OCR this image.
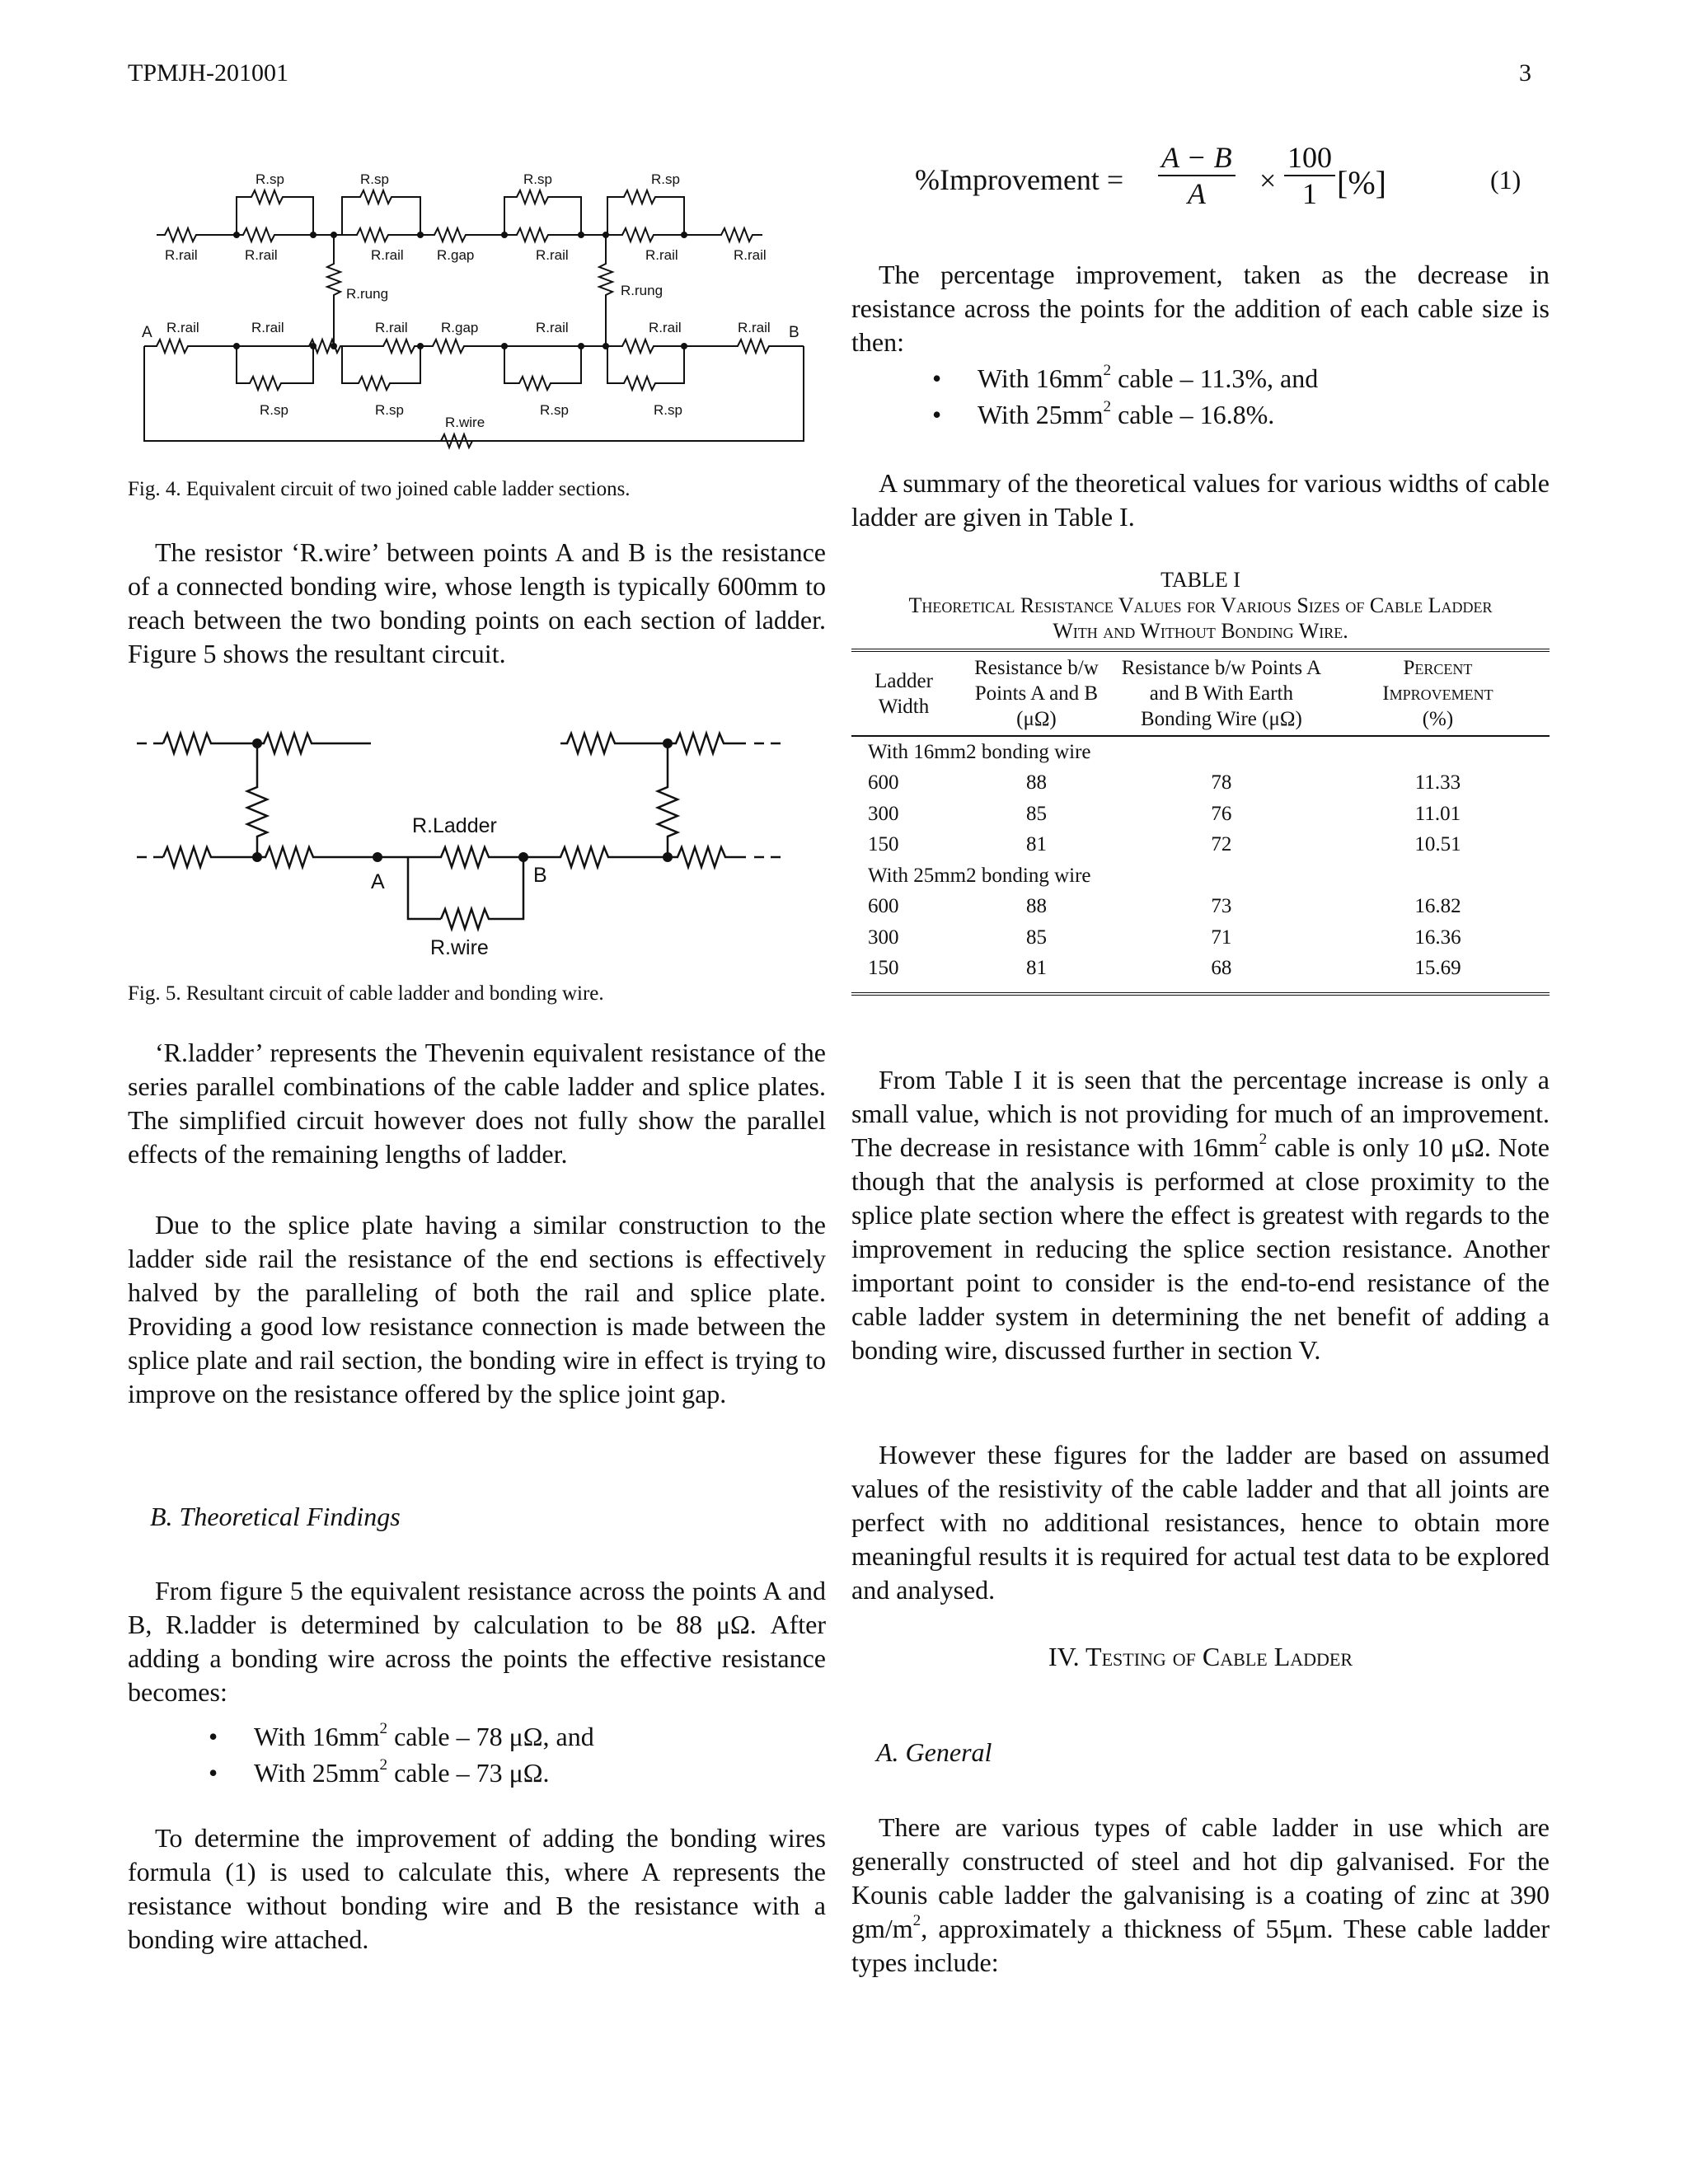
TPMJH-201001	3
R.sp	R.sp	R.sp	R.sp
R.rail	R.rail	R.rail R.gap	R.rail	R.rail	R.rail
R.rung	R.rung
A R.rail	R.rail	R.rail R.gap	R.rail	R.rail	R.rail B
R.sp	R.sp
R.wire
R.sp	R.sp
Fig. 4. Equivalent circuit of two joined cable ladder sections.

The resistor ‘R.wire’ between points A and B is the resistance of a connected bonding wire, whose length is typically 600mm to reach between the two bonding points on each section of ladder. Figure 5 shows the resultant circuit.

R.Ladder
A	B
R.wire
Fig. 5. Resultant circuit of cable ladder and bonding wire.

‘R.ladder’ represents the Thevenin equivalent resistance of the series parallel combinations of the cable ladder and splice plates. The simplified circuit however does not fully show the parallel effects of the remaining lengths of ladder.

Due to the splice plate having a similar construction to the ladder side rail the resistance of the end sections is effectively halved by the paralleling of both the rail and splice plate. Providing a good low resistance connection is made between the splice plate and rail section, the bonding wire in effect is trying to improve on the resistance offered by the splice joint gap.

B. Theoretical Findings

From figure 5 the equivalent resistance across the points A and B, R.ladder is determined by calculation to be 88 μΩ. After adding a bonding wire across the points the effective resistance becomes:

• With $16mm^2$ cable – 78 μΩ, and
• With $25mm^2$ cable – 73 μΩ.

To determine the improvement of adding the bonding wires formula (1) is used to calculate this, where A represents the resistance without bonding wire and B the resistance with a bonding wire attached.

%Improvement = $\frac{A - B}{A} \times \frac{100}{1}$ [%]	(1)

The percentage improvement, taken as the decrease in resistance across the points for the addition of each cable size is then:

• With $16mm^2$ cable – 11.3%, and
• With $25mm^2$ cable – 16.8%.

A summary of the theoretical values for various widths of cable ladder are given in Table I.

TABLE I
Theoretical Resistance Values for Various Sizes of Cable Ladder
With and Without Bonding Wire.
Ladder Width	Resistance b/w Points A and B (μΩ)	Resistance b/w Points A and B With Earth Bonding Wire (μΩ)	Percent
Improvement
(%)
With 16mm2 bonding wire			
600	88	78	11.33
300	85	76	11.01
150	81	72	10.51
With 25mm2 bonding wire			
600	88	73	16.82
300	85	71	16.36
150	81	68	15.69

From Table I it is seen that the percentage increase is only a small value, which is not providing for much of an improvement. The decrease in resistance with $16mm^2$ cable is only 10 μΩ. Note though that the analysis is performed at close proximity to the splice plate section where the effect is greatest with regards to the improvement in reducing the splice section resistance. Another important point to consider is the end-to-end resistance of the cable ladder system in determining the net benefit of adding a bonding wire, discussed further in section V.

However these figures for the ladder are based on assumed values of the resistivity of the cable ladder and that all joints are perfect with no additional resistances, hence to obtain more meaningful results it is required for actual test data to be explored and analysed.

IV. Testing of Cable Ladder
A. General

There are various types of cable ladder in use which are generally constructed of steel and hot dip galvanised. For the Kounis cable ladder the galvanising is a coating of zinc at 390 $gm/m^2$, approximately a thickness of 55μm. These cable ladder types include:
